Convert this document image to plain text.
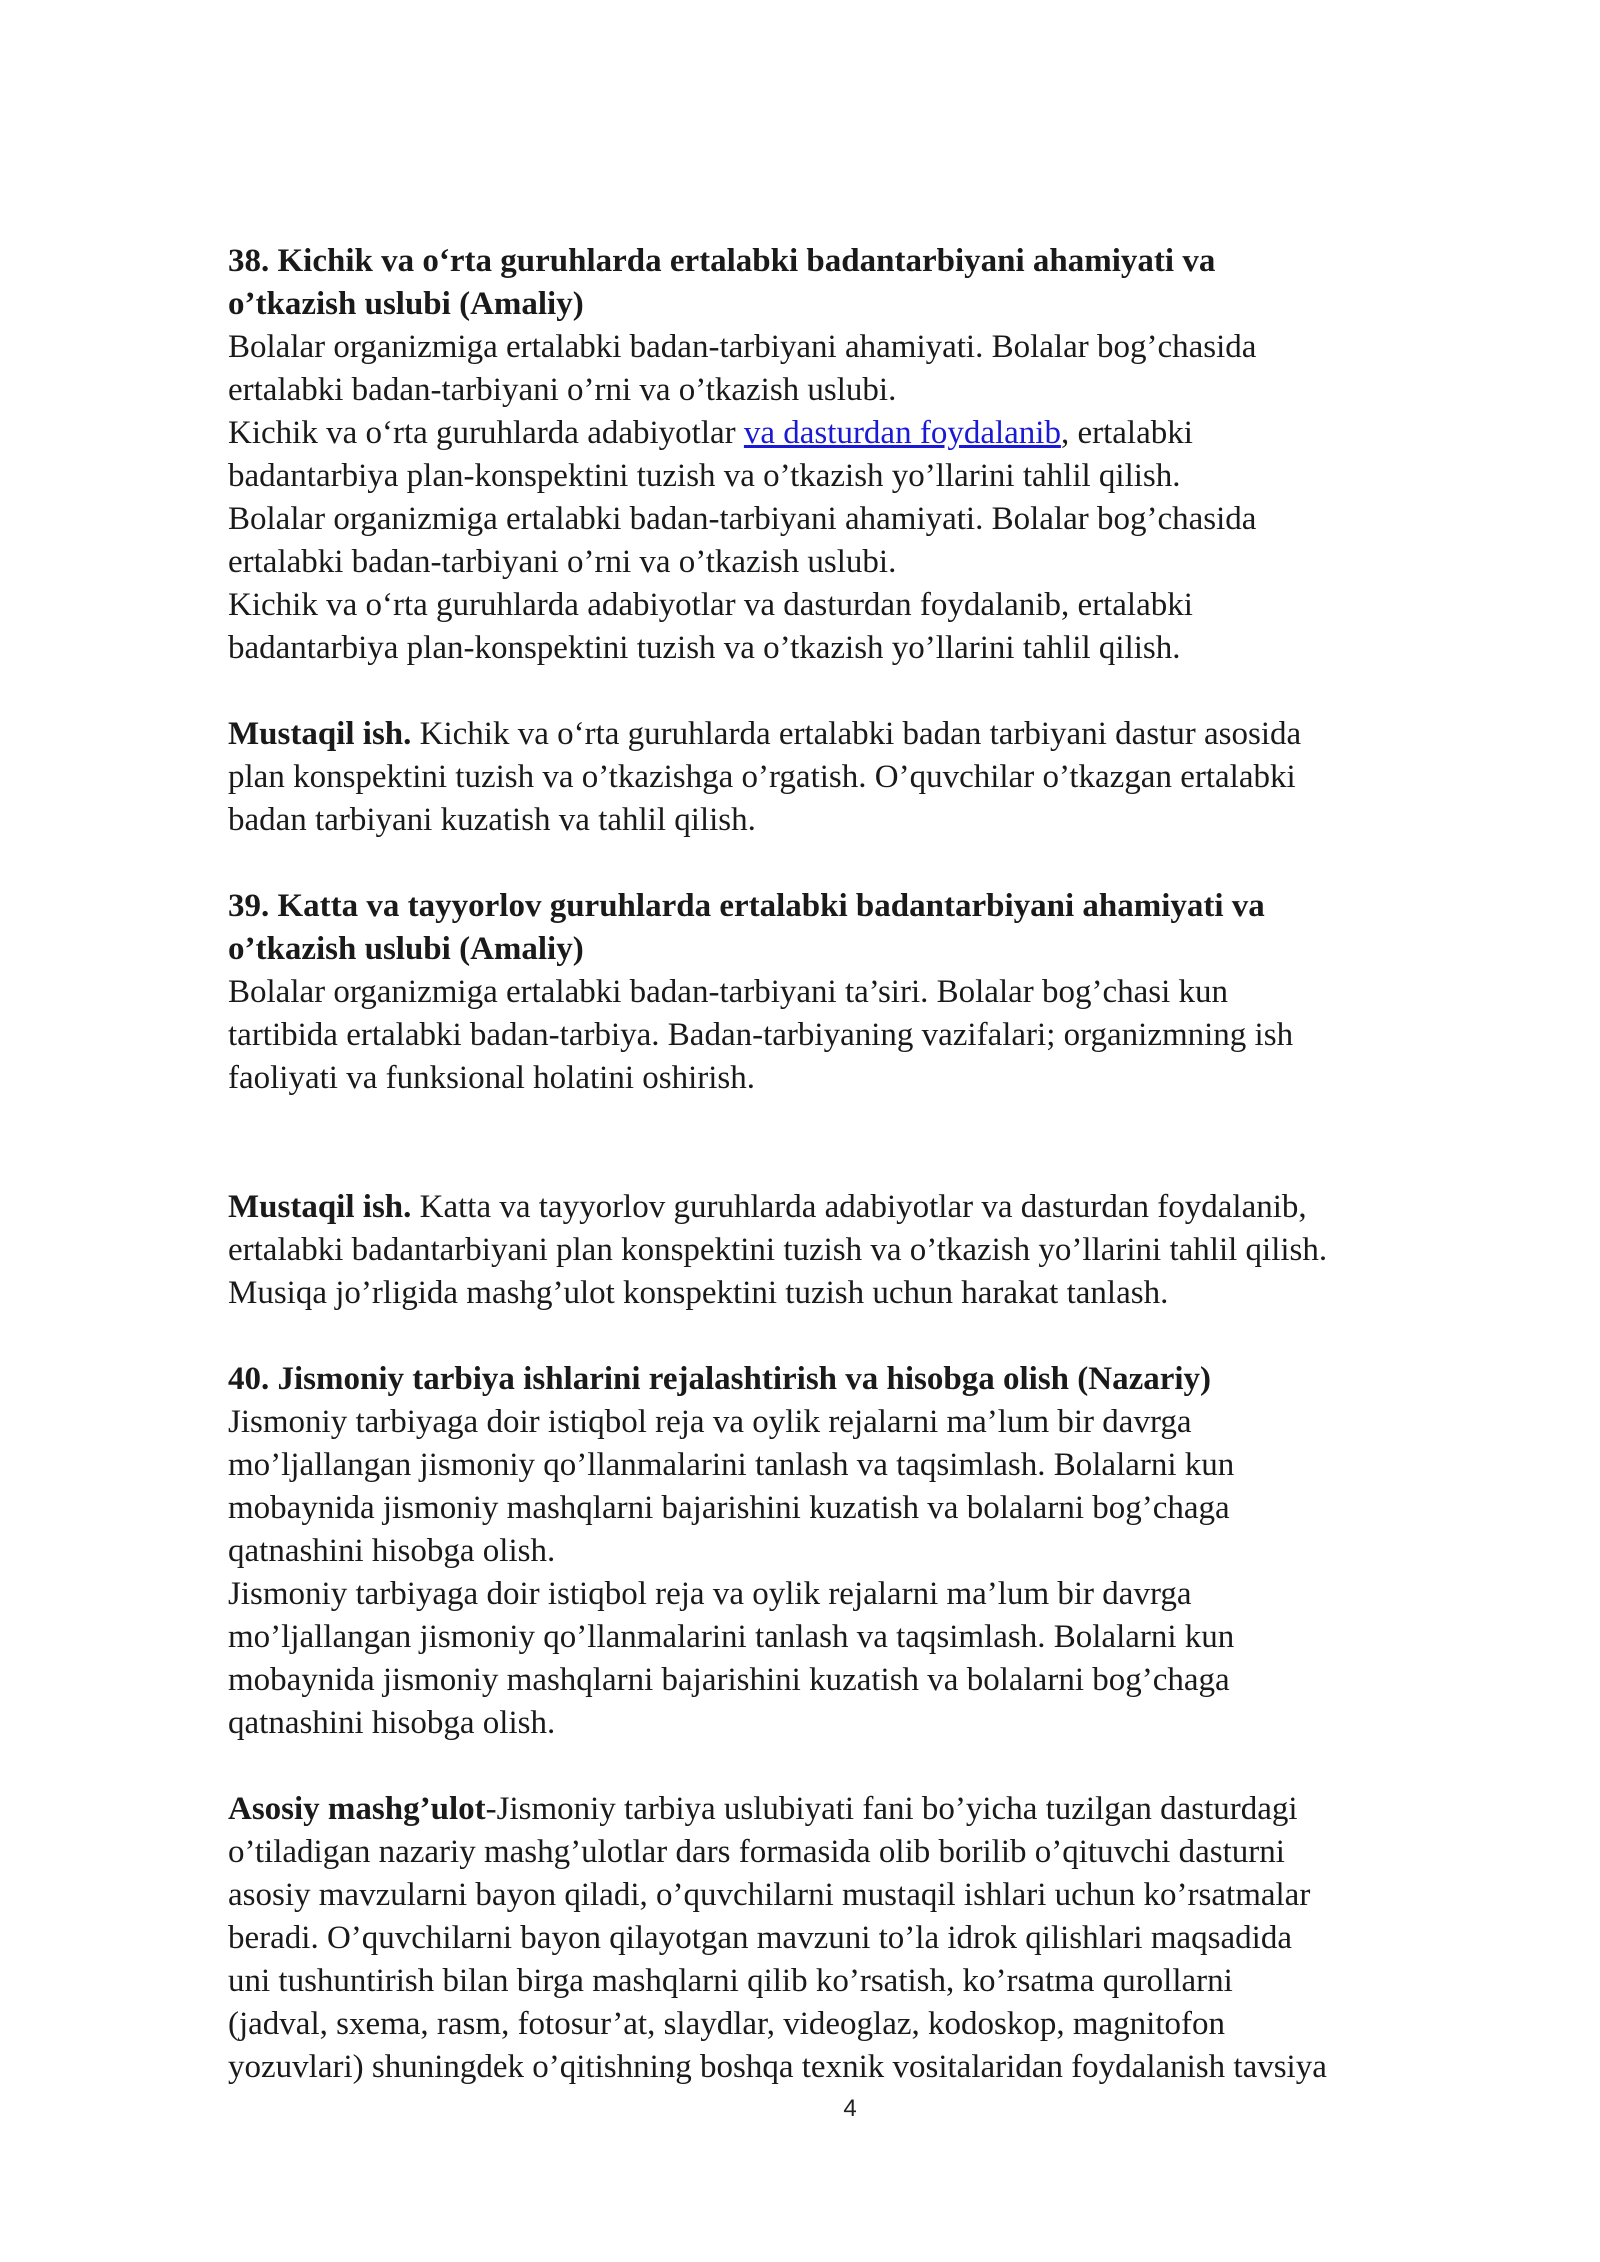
38. Kichik va o‘rta guruhlarda ertalabki badantarbiyani ahamiyati va
o’tkazish uslubi (Amaliy)
Bolalar organizmiga ertalabki badan-tarbiyani ahamiyati. Bolalar bog’chasida
ertalabki badan-tarbiyani o’rni va o’tkazish uslubi.
Kichik va o‘rta guruhlarda adabiyotlar va dasturdan foydalanib, ertalabki
badantarbiya plan-konspektini tuzish va o’tkazish yo’llarini tahlil qilish.
Bolalar organizmiga ertalabki badan-tarbiyani ahamiyati. Bolalar bog’chasida
ertalabki badan-tarbiyani o’rni va o’tkazish uslubi.
Kichik va o‘rta guruhlarda adabiyotlar va dasturdan foydalanib, ertalabki
badantarbiya plan-konspektini tuzish va o’tkazish yo’llarini tahlil qilish.
Mustaqil ish. Kichik va o‘rta guruhlarda ertalabki badan tarbiyani dastur asosida
plan konspektini tuzish va o’tkazishga o’rgatish. O’quvchilar o’tkazgan ertalabki
badan tarbiyani kuzatish va tahlil qilish.
39. Katta va tayyorlov guruhlarda ertalabki badantarbiyani ahamiyati va
o’tkazish uslubi (Amaliy)
Bolalar organizmiga ertalabki badan-tarbiyani ta’siri. Bolalar bog’chasi kun
tartibida ertalabki badan-tarbiya. Badan-tarbiyaning vazifalari; organizmning ish
faoliyati va funksional holatini oshirish.
Mustaqil ish. Katta va tayyorlov guruhlarda adabiyotlar va dasturdan foydalanib,
ertalabki badantarbiyani plan konspektini tuzish va o’tkazish yo’llarini tahlil qilish.
Musiqa jo’rligida mashg’ulot konspektini tuzish uchun harakat tanlash.
40. Jismoniy tarbiya ishlarini rejalashtirish va hisobga olish (Nazariy)
Jismoniy tarbiyaga doir istiqbol reja va oylik rejalarni ma’lum bir davrga
mo’ljallangan jismoniy qo’llanmalarini tanlash va taqsimlash. Bolalarni kun
mobaynida jismoniy mashqlarni bajarishini kuzatish va bolalarni bog’chaga
qatnashini hisobga olish.
Jismoniy tarbiyaga doir istiqbol reja va oylik rejalarni ma’lum bir davrga
mo’ljallangan jismoniy qo’llanmalarini tanlash va taqsimlash. Bolalarni kun
mobaynida jismoniy mashqlarni bajarishini kuzatish va bolalarni bog’chaga
qatnashini hisobga olish.
Asosiy mashg’ulot-Jismoniy tarbiya uslubiyati fani bo’yicha tuzilgan dasturdagi
o’tiladigan nazariy mashg’ulotlar dars formasida olib borilib o’qituvchi dasturni
asosiy mavzularni bayon qiladi, o’quvchilarni mustaqil ishlari uchun ko’rsatmalar
beradi. O’quvchilarni bayon qilayotgan mavzuni to’la idrok qilishlari maqsadida
uni tushuntirish bilan birga mashqlarni qilib ko’rsatish, ko’rsatma qurollarni
(jadval, sxema, rasm, fotosur’at, slaydlar, videoglaz, kodoskop, magnitofon
yozuvlari) shuningdek o’qitishning boshqa texnik vositalaridan foydalanish tavsiya
4
